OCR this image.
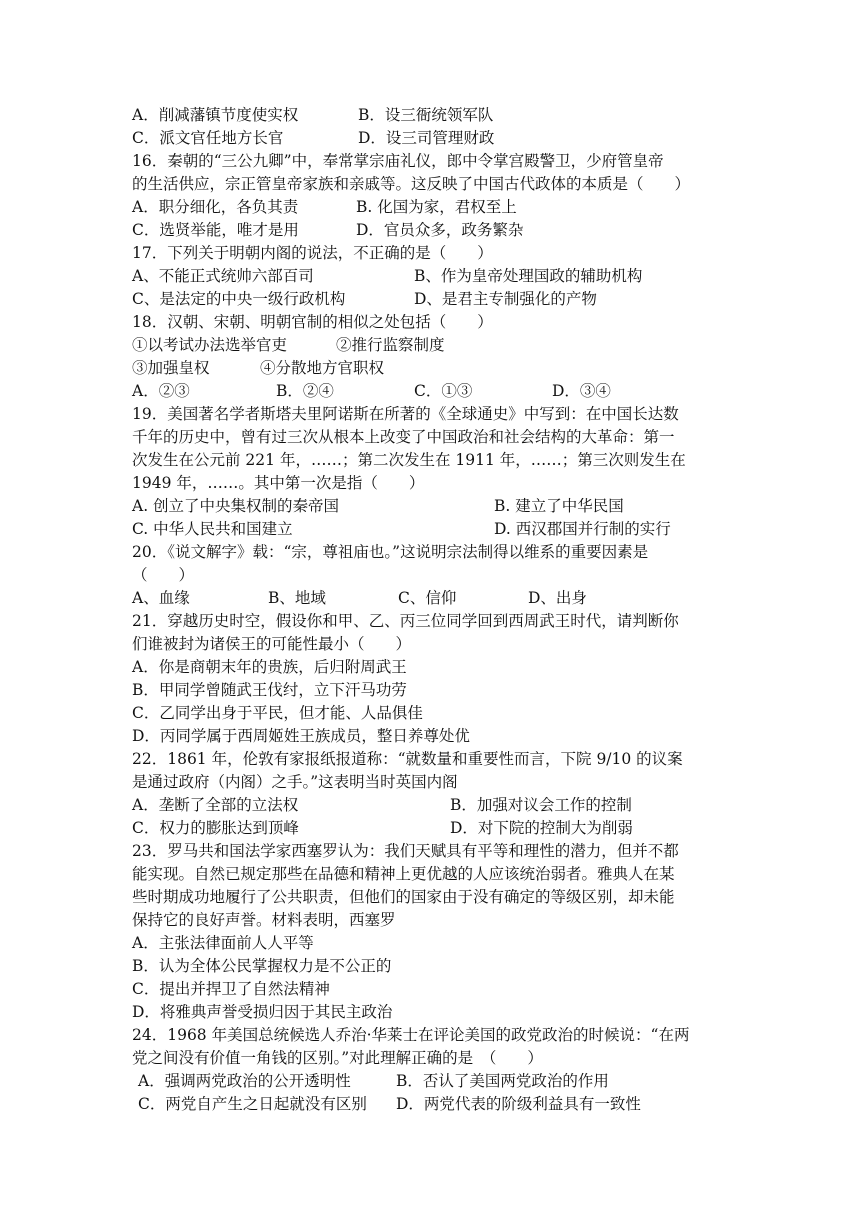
A．削减藩镇节度使实权	B．设三衙统领军队
C．派文官任地方长官	D．设三司管理财政
16．秦朝的“三公九卿”中，奉常掌宗庙礼仪，郎中令掌宫殿警卫，少府管皇帝
的生活供应，宗正管皇帝家族和亲戚等。这反映了中国古代政体的本质是（　　）
A．职分细化，各负其责	B. 化国为家，君权至上
C．选贤举能，唯才是用	D．官员众多，政务繁杂
17．下列关于明朝内阁的说法，不正确的是（　　）
A、不能正式统帅六部百司	B、作为皇帝处理国政的辅助机构
C、是法定的中央一级行政机构	D、是君主专制强化的产物
18．汉朝、宋朝、明朝官制的相似之处包括（　　）
①以考试办法选举官吏	②推行监察制度
③加强皇权	④分散地方官职权
A．②③	B．②④	C．①③	D．③④
19．美国著名学者斯塔夫里阿诺斯在所著的《全球通史》中写到：在中国长达数
千年的历史中，曾有过三次从根本上改变了中国政治和社会结构的大革命：第一
次发生在公元前 221 年，……；第二次发生在 1911 年，……；第三次则发生在
1949 年，……。其中第一次是指（　　）
A. 创立了中央集权制的秦帝国	B. 建立了中华民国
C. 中华人民共和国建立	D. 西汉郡国并行制的实行
20．《说文解字》载：“宗，尊祖庙也。”这说明宗法制得以维系的重要因素是
（　　）
A、血缘	B、地域	C、信仰	D、出身
21．穿越历史时空，假设你和甲、乙、丙三位同学回到西周武王时代，请判断你
们谁被封为诸侯王的可能性最小（　　）
A．你是商朝末年的贵族，后归附周武王
B．甲同学曾随武王伐纣，立下汗马功劳
C．乙同学出身于平民，但才能、人品俱佳
D．丙同学属于西周姬姓王族成员，整日养尊处优
22．1861 年，伦敦有家报纸报道称：“就数量和重要性而言，下院 9/10 的议案
是通过政府（内阁）之手。”这表明当时英国内阁
A．垄断了全部的立法权	B．加强对议会工作的控制
C．权力的膨胀达到顶峰	D．对下院的控制大为削弱
23．罗马共和国法学家西塞罗认为：我们天赋具有平等和理性的潜力，但并不都
能实现。自然已规定那些在品德和精神上更优越的人应该统治弱者。雅典人在某
些时期成功地履行了公共职责，但他们的国家由于没有确定的等级区别，却未能
保持它的良好声誉。材料表明，西塞罗
A．主张法律面前人人平等
B．认为全体公民掌握权力是不公正的
C．提出并捍卫了自然法精神
D．将雅典声誉受损归因于其民主政治
24．1968 年美国总统候选人乔治·华莱士在评论美国的政党政治的时候说：“在两
党之间没有价值一角钱的区别。”对此理解正确的是　（　　）
A．强调两党政治的公开透明性	B．否认了美国两党政治的作用
C．两党自产生之日起就没有区别 D．两党代表的阶级利益具有一致性
